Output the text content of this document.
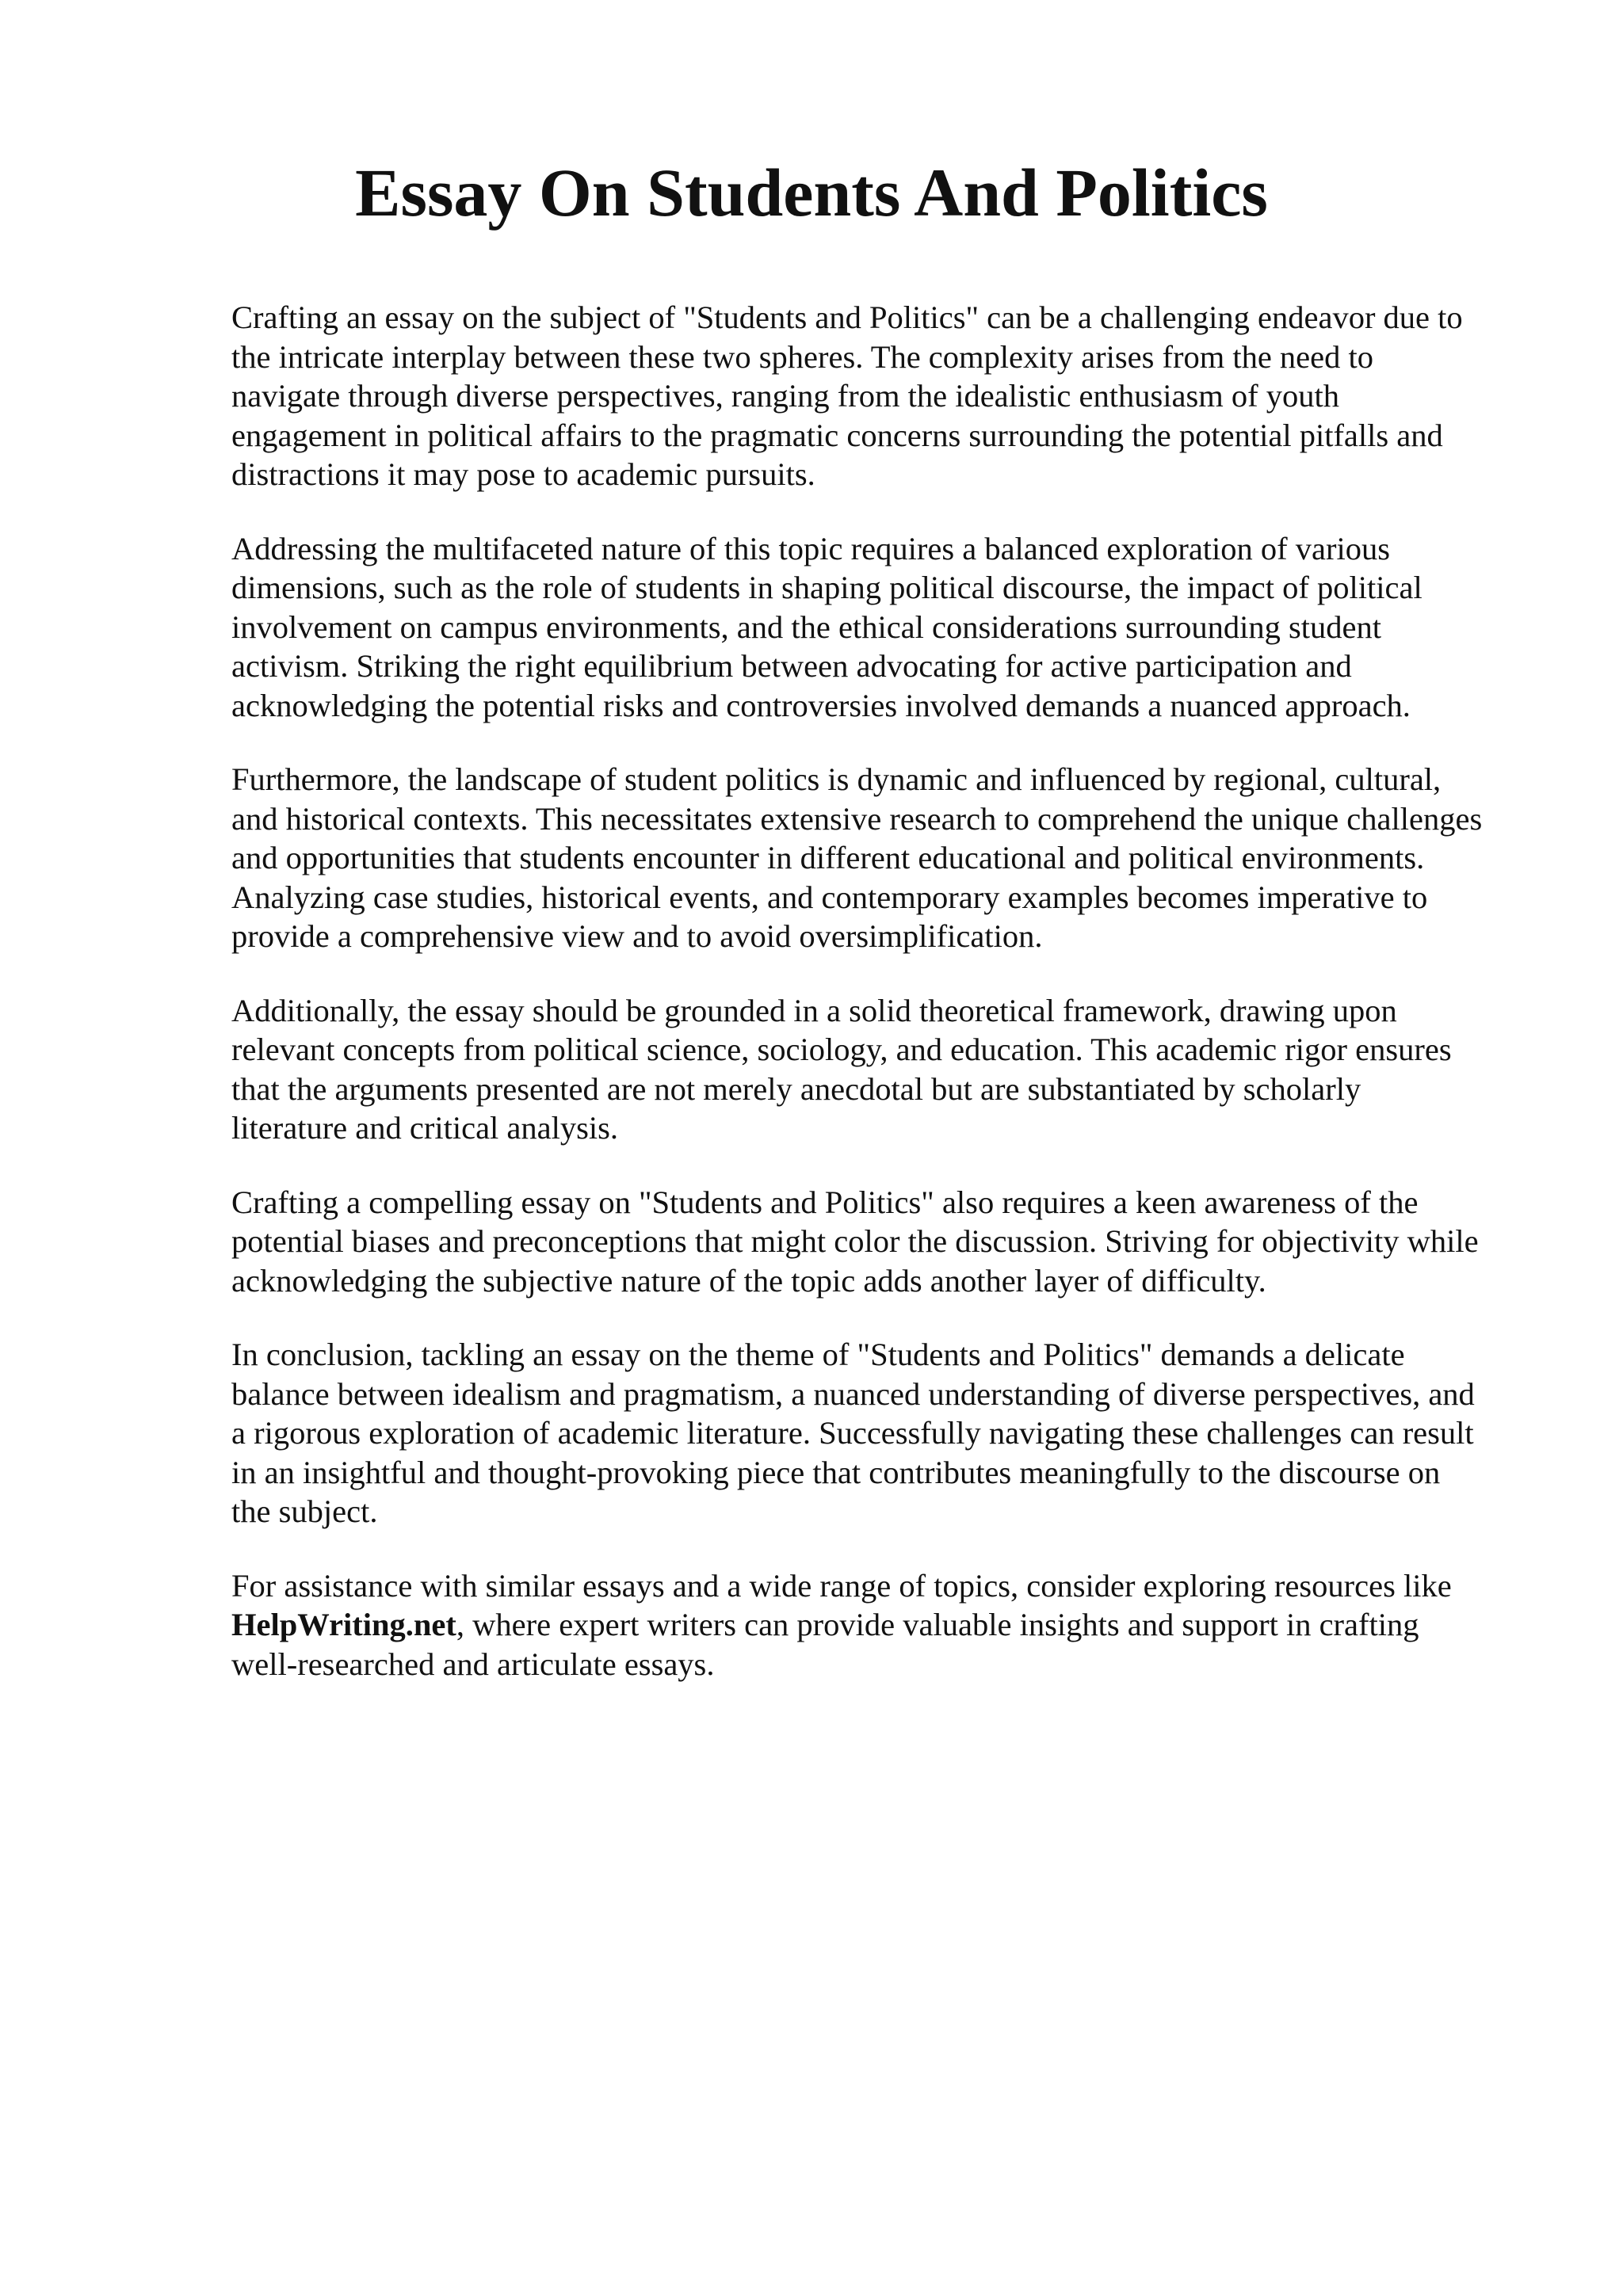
Essay On Students And Politics

Crafting an essay on the subject of "Students and Politics" can be a challenging endeavor due to
the intricate interplay between these two spheres. The complexity arises from the need to
navigate through diverse perspectives, ranging from the idealistic enthusiasm of youth
engagement in political affairs to the pragmatic concerns surrounding the potential pitfalls and
distractions it may pose to academic pursuits.

Addressing the multifaceted nature of this topic requires a balanced exploration of various
dimensions, such as the role of students in shaping political discourse, the impact of political
involvement on campus environments, and the ethical considerations surrounding student
activism. Striking the right equilibrium between advocating for active participation and
acknowledging the potential risks and controversies involved demands a nuanced approach.

Furthermore, the landscape of student politics is dynamic and influenced by regional, cultural,
and historical contexts. This necessitates extensive research to comprehend the unique challenges
and opportunities that students encounter in different educational and political environments.
Analyzing case studies, historical events, and contemporary examples becomes imperative to
provide a comprehensive view and to avoid oversimplification.

Additionally, the essay should be grounded in a solid theoretical framework, drawing upon
relevant concepts from political science, sociology, and education. This academic rigor ensures
that the arguments presented are not merely anecdotal but are substantiated by scholarly
literature and critical analysis.

Crafting a compelling essay on "Students and Politics" also requires a keen awareness of the
potential biases and preconceptions that might color the discussion. Striving for objectivity while
acknowledging the subjective nature of the topic adds another layer of difficulty.

In conclusion, tackling an essay on the theme of "Students and Politics" demands a delicate
balance between idealism and pragmatism, a nuanced understanding of diverse perspectives, and
a rigorous exploration of academic literature. Successfully navigating these challenges can result
in an insightful and thought-provoking piece that contributes meaningfully to the discourse on
the subject.

For assistance with similar essays and a wide range of topics, consider exploring resources like
HelpWriting.net, where expert writers can provide valuable insights and support in crafting
well-researched and articulate essays.
